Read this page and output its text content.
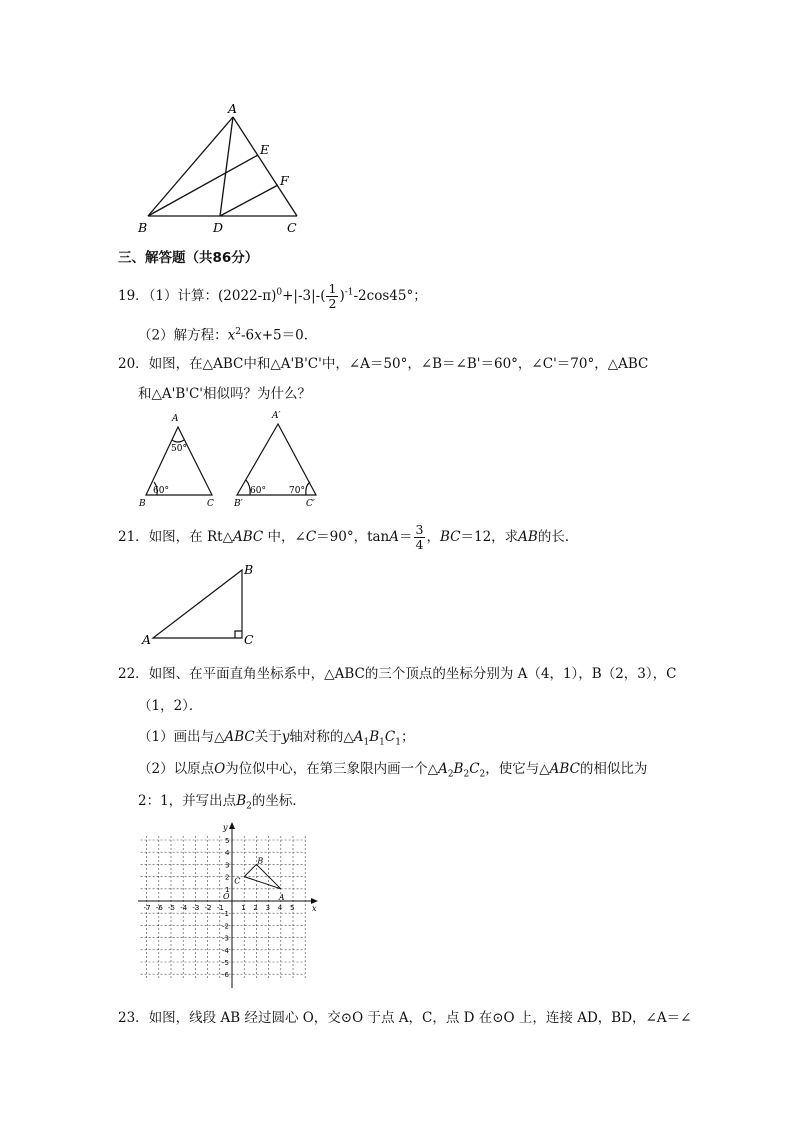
A
B	C
D
E
F
三、解答题（共86分）
19．（1）计算：$(2022-\pi)^0+|-3|-( \frac{1}{2} )^{-1}-2\cos 45^\circ$；
（2）解方程：$x^2-6x+5=0$.
20．如图，在△ABC中和△A'B'C'中，∠A＝50°，∠B＝∠B'＝60°，∠C'＝70°，△ABC
和△A'B'C'相似吗？为什么？
A
B	C
50°
60°
A′
B′	C′
60°	70°
21．如图，在 Rt△ABC 中，∠C＝90°，$\tan A= \frac{3}{4}$ ，BC＝12，求AB的长．
A
B
C
22．如图、在平面直角坐标系中，△ABC的三个顶点的坐标分别为 A（4，1），B（2，3），C
（1，2）．
（1）画出与△ABC关于y轴对称的$\triangle A_1B_1C_1$；
（2）以原点O为位似中心，在第三象限内画一个$\triangle A_2B_2C_2$，使它与△ABC的相似比为
2：1，并写出点$B_2$的坐标．
x
y
O
-7 -6 -5 -4 -3 -2 -1 1 2 3 4 5
5
4
3
2
1
-1
-2
-3
-4
-5
-6
A
B
C
23．如图，线段 AB 经过圆心 O，交⊙O 于点 A，C，点 D 在⊙O 上，连接 AD，BD，∠A＝∠
